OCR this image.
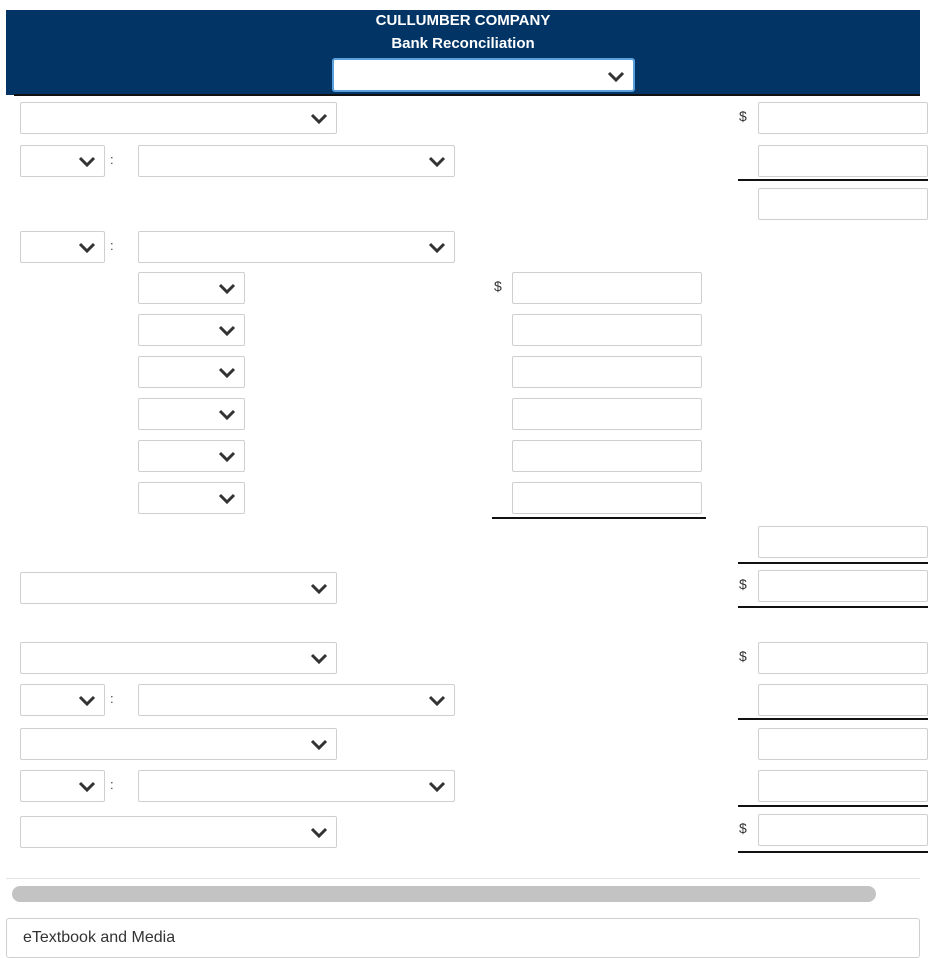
CULLUMBER COMPANY
Bank Reconciliation
$
:
:
$
$
$
:
:
$
eTextbook and Media
